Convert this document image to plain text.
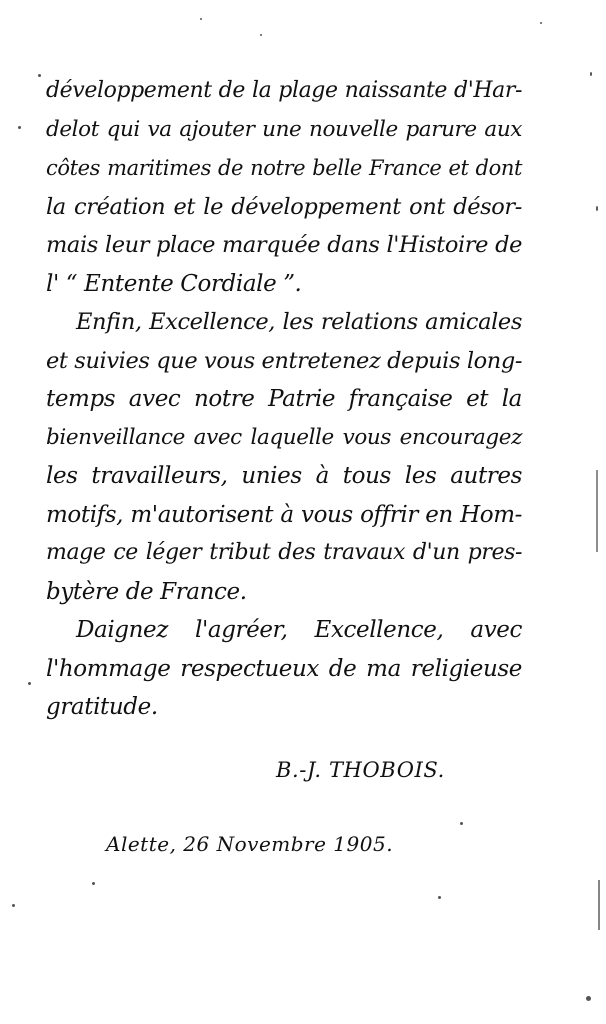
développement de la plage naissante d'Har-
delot qui va ajouter une nouvelle parure aux
côtes maritimes de notre belle France et dont
la création et le développement ont désor-
mais leur place marquée dans l'Histoire de
l' “ Entente Cordiale ”.
Enfin, Excellence, les relations amicales
et suivies que vous entretenez depuis long-
temps avec notre Patrie française et la
bienveillance avec laquelle vous encouragez
les travailleurs, unies à tous les autres
motifs, m'autorisent à vous offrir en Hom-
mage ce léger tribut des travaux d'un pres-
bytère de France.
Daignez l'agréer, Excellence, avec
l'hommage respectueux de ma religieuse
gratitude.
B.-J. THOBOIS.
Alette, 26 Novembre 1905.
